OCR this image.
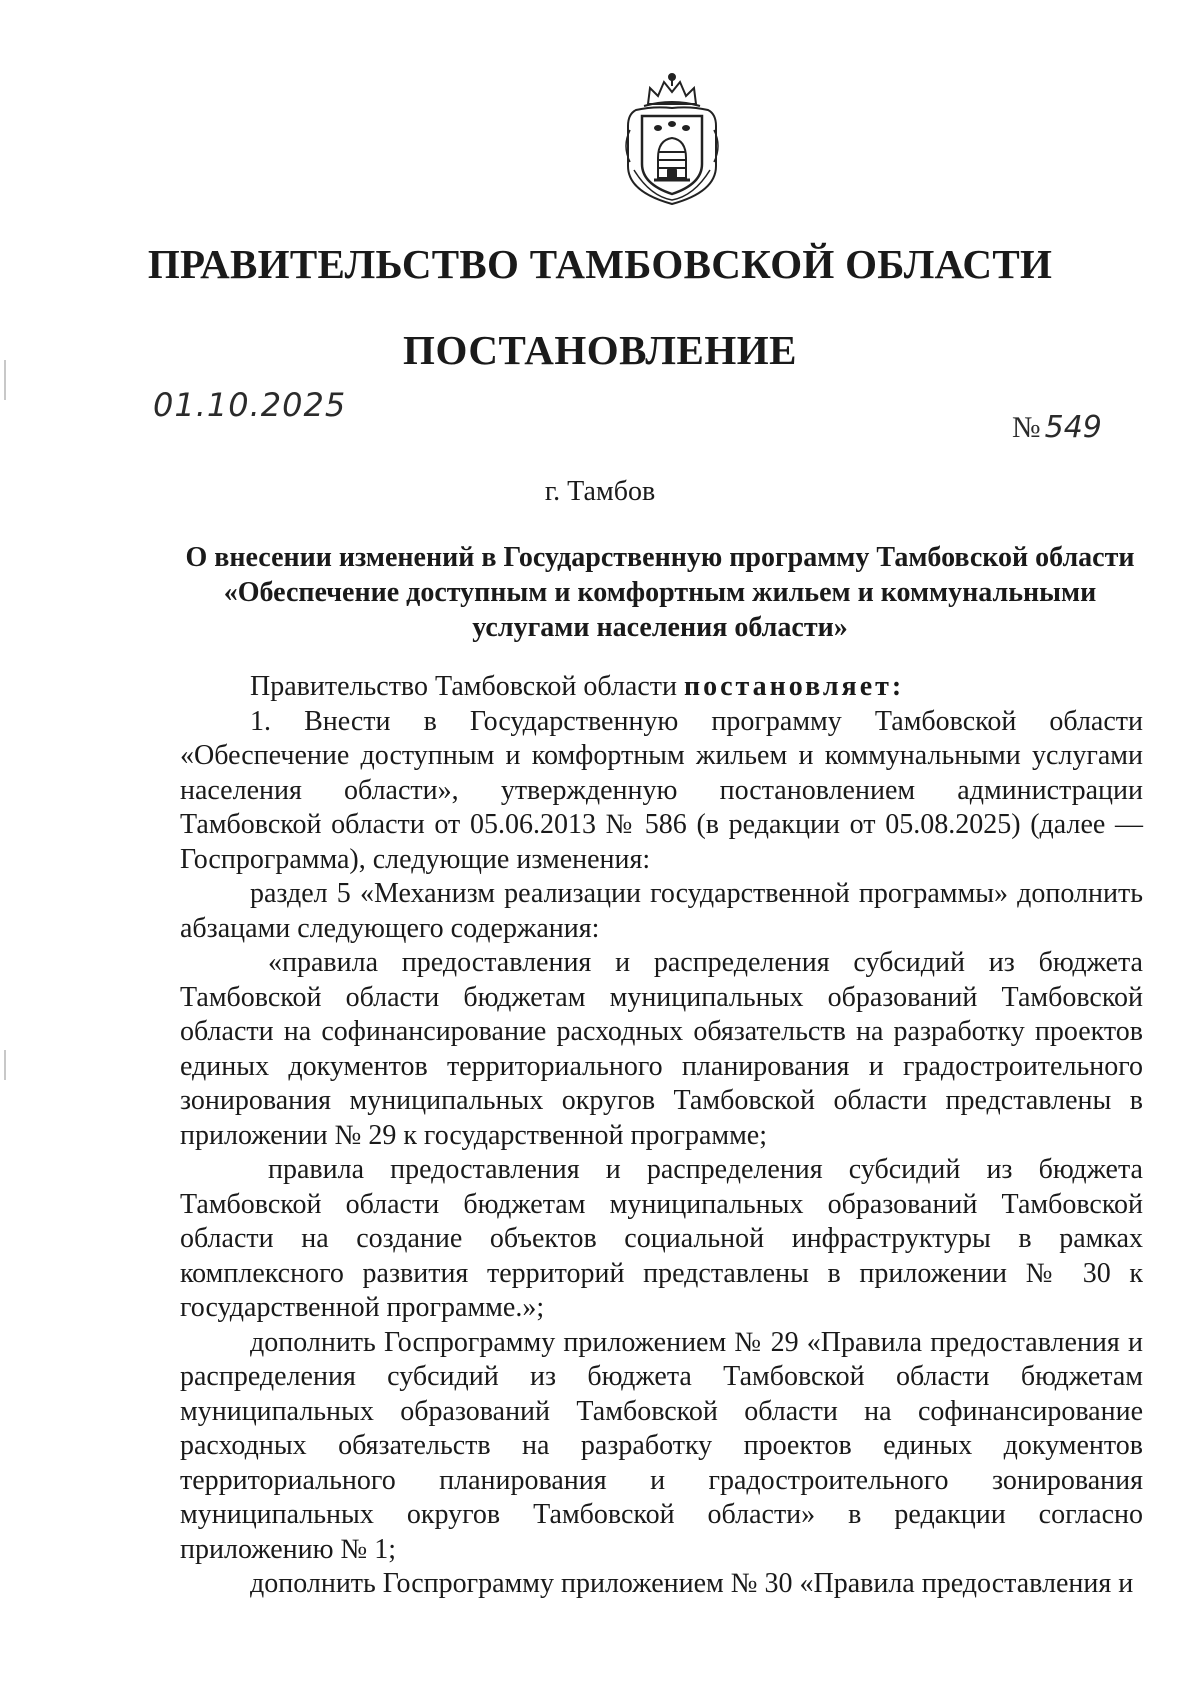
ПРАВИТЕЛЬСТВО ТАМБОВСКОЙ ОБЛАСТИ
ПОСТАНОВЛЕНИЕ
01.10.2025
№ 549
г. Тамбов
О внесении изменений в Государственную программу Тамбовской области
«Обеспечение доступным и комфортным жильем и коммунальными
услугами населения области»

Правительство Тамбовской области постановляет:

1. Внести в Государственную программу Тамбовской области «Обеспечение доступным и комфортным жильем и коммунальными услугами населения области», утвержденную постановлением администрации Тамбовской области от 05.06.2013 № 586 (в редакции от 05.08.2025) (далее — Госпрограмма), следующие изменения:

раздел 5 «Механизм реализации государственной программы» дополнить абзацами следующего содержания:

«правила предоставления и распределения субсидий из бюджета Тамбовской области бюджетам муниципальных образований Тамбовской области на софинансирование расходных обязательств на разработку проектов единых документов территориального планирования и градостроительного зонирования муниципальных округов Тамбовской области представлены в приложении № 29 к государственной программе;

правила предоставления и распределения субсидий из бюджета Тамбовской области бюджетам муниципальных образований Тамбовской области на создание объектов социальной инфраструктуры в рамках комплексного развития территорий представлены в приложении № 30 к государственной программе.»;

дополнить Госпрограмму приложением № 29 «Правила предоставления и распределения субсидий из бюджета Тамбовской области бюджетам муниципальных образований Тамбовской области на софинансирование расходных обязательств на разработку проектов единых документов территориального планирования и градостроительного зонирования муниципальных округов Тамбовской области» в редакции согласно приложению № 1;

дополнить Госпрограмму приложением № 30 «Правила предоставления и
